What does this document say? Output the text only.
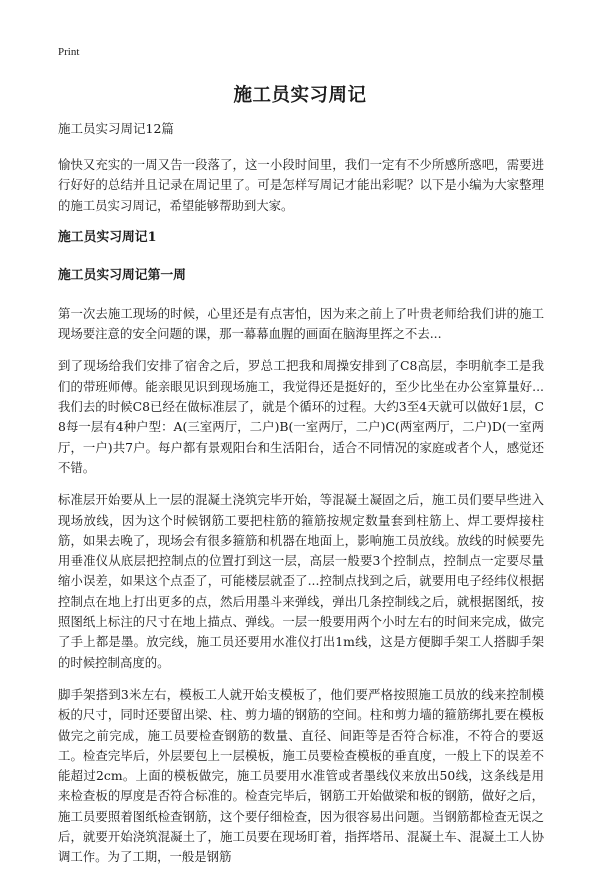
Print
施工员实习周记
施工员实习周记12篇

愉快又充实的一周又告一段落了，这一小段时间里，我们一定有不少所感所惑吧，需要进行好好的总结并且记录在周记里了。可是怎样写周记才能出彩呢？以下是小编为大家整理的施工员实习周记，希望能够帮助到大家。

施工员实习周记1
施工员实习周记第一周

第一次去施工现场的时候，心里还是有点害怕，因为来之前上了叶贵老师给我们讲的施工现场要注意的安全问题的课，那一幕幕血腥的画面在脑海里挥之不去...

到了现场给我们安排了宿舍之后，罗总工把我和周操安排到了C8高层，李明航李工是我们的带班师傅。能亲眼见识到现场施工，我觉得还是挺好的，至少比坐在办公室算量好...我们去的时候C8已经在做标准层了，就是个循环的过程。大约3至4天就可以做好1层，C8每一层有4种户型：A(三室两厅，二户)B(一室两厅，二户)C(两室两厅，二户)D(一室两厅，一户)共7户。每户都有景观阳台和生活阳台，适合不同情况的家庭或者个人，感觉还不错。

标准层开始要从上一层的混凝土浇筑完毕开始，等混凝土凝固之后，施工员们要早些进入现场放线，因为这个时候钢筋工要把柱筋的箍筋按规定数量套到柱筋上、焊工要焊接柱筋，如果去晚了，现场会有很多箍筋和机器在地面上，影响施工员放线。放线的时候要先用垂准仪从底层把控制点的位置打到这一层，高层一般要3个控制点，控制点一定要尽量缩小误差，如果这个点歪了，可能楼层就歪了...控制点找到之后，就要用电子经纬仪根据控制点在地上打出更多的点，然后用墨斗来弹线，弹出几条控制线之后，就根据图纸，按照图纸上标注的尺寸在地上描点、弹线。一层一般要用两个小时左右的时间来完成，做完了手上都是墨。放完线，施工员还要用水准仪打出1m线，这是方便脚手架工人搭脚手架的时候控制高度的。

脚手架搭到3米左右，模板工人就开始支模板了，他们要严格按照施工员放的线来控制模板的尺寸，同时还要留出梁、柱、剪力墙的钢筋的空间。柱和剪力墙的箍筋绑扎要在模板做完之前完成，施工员要检查钢筋的数量、直径、间距等是否符合标准，不符合的要返工。检查完毕后，外层要包上一层模板，施工员要检查模板的垂直度，一般上下的误差不能超过2cm。上面的模板做完，施工员要用水准管或者墨线仪来放出50线，这条线是用来检查板的厚度是否符合标准的。检查完毕后，钢筋工开始做梁和板的钢筋，做好之后，施工员要照着图纸检查钢筋，这个要仔细检查，因为很容易出问题。当钢筋都检查无误之后，就要开始浇筑混凝土了，施工员要在现场盯着，指挥塔吊、混凝土车、混凝土工人协调工作。为了工期，一般是钢筋
